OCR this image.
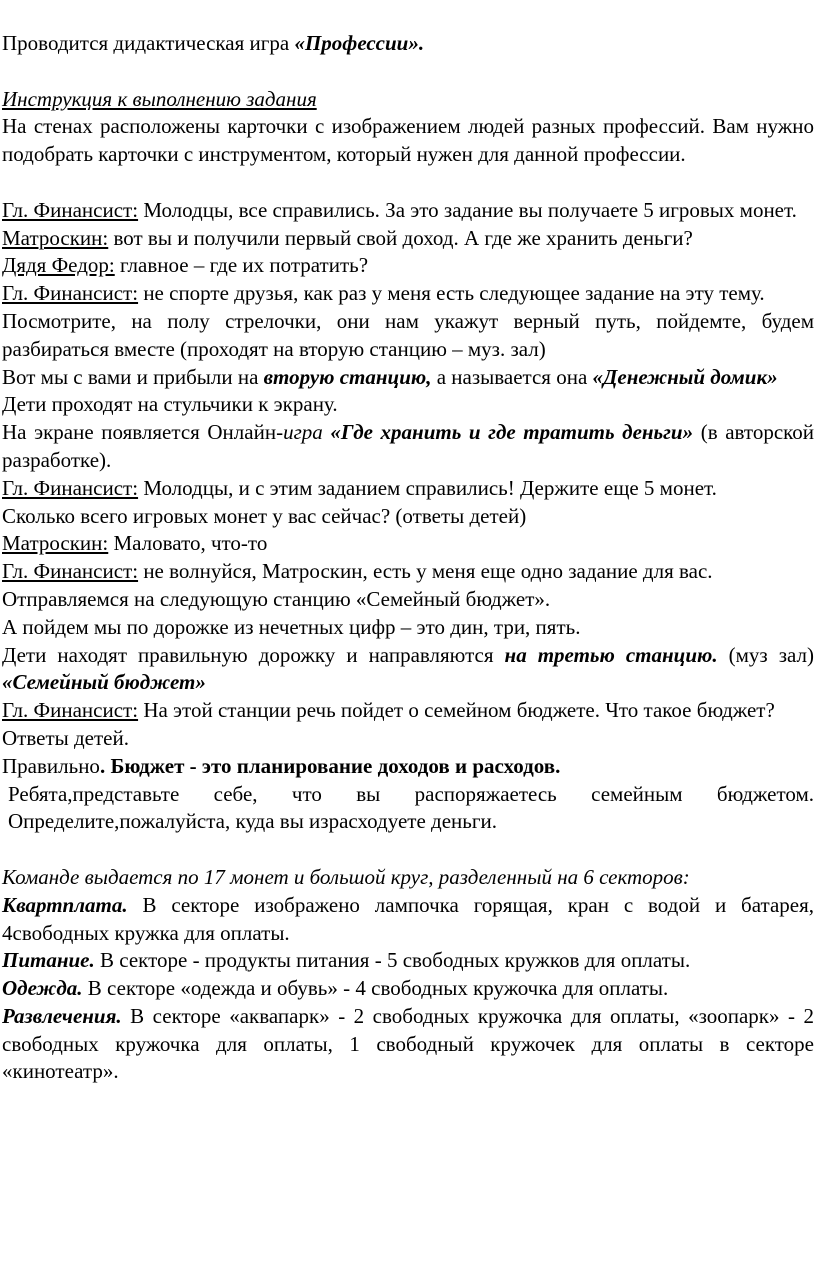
Проводится дидактическая игра «Профессии».

Инструкция к выполнению задания

На стенах расположены карточки с изображением людей разных профессий. Вам нужно подобрать карточки с инструментом, который нужен для данной профессии.

Гл. Финансист: Молодцы, все справились. За это задание вы получаете 5 игровых монет.

Матроскин: вот вы и получили первый свой доход. А где же хранить деньги?

Дядя Федор: главное – где их потратить?

Гл. Финансист: не спорте друзья, как раз у меня есть следующее задание на эту тему.

Посмотрите, на полу стрелочки, они нам укажут верный путь, пойдемте, будем разбираться вместе (проходят на вторую станцию – муз. зал)

Вот мы с вами и прибыли на вторую станцию, а называется она «Денежный домик»

Дети проходят на стульчики к экрану.

На экране появляется Онлайн-игра «Где хранить и где тратить деньги» (в авторской разработке).

Гл. Финансист: Молодцы, и с этим заданием справились! Держите еще 5 монет.

Сколько всего игровых монет у вас сейчас? (ответы детей)

Матроскин: Маловато, что-то

Гл. Финансист: не волнуйся, Матроскин, есть у меня еще одно задание для вас.

Отправляемся на следующую станцию «Семейный бюджет».

А пойдем мы по дорожке из нечетных цифр – это дин, три, пять.

Дети находят правильную дорожку и направляются на третью станцию. (муз зал) «Семейный бюджет»

Гл. Финансист: На этой станции речь пойдет о семейном бюджете. Что такое бюджет?

Ответы детей.

Правильно. Бюджет - это планирование доходов и расходов.

Ребята,представьте себе, что вы распоряжаетесь семейным бюджетом. Определите,пожалуйста, куда вы израсходуете деньги.

Команде выдается по 17 монет и большой круг, разделенный на 6 секторов:

Квартплата. В секторе изображено лампочка горящая, кран с водой и батарея, 4свободных кружка для оплаты.

Питание. В секторе - продукты питания - 5 свободных кружков для оплаты.

Одежда. В секторе «одежда и обувь» - 4 свободных кружочка для оплаты.

Развлечения. В секторе «аквапарк» - 2 свободных кружочка для оплаты, «зоопарк» - 2 свободных кружочка для оплаты, 1 свободный кружочек для оплаты в секторе «кинотеатр».
